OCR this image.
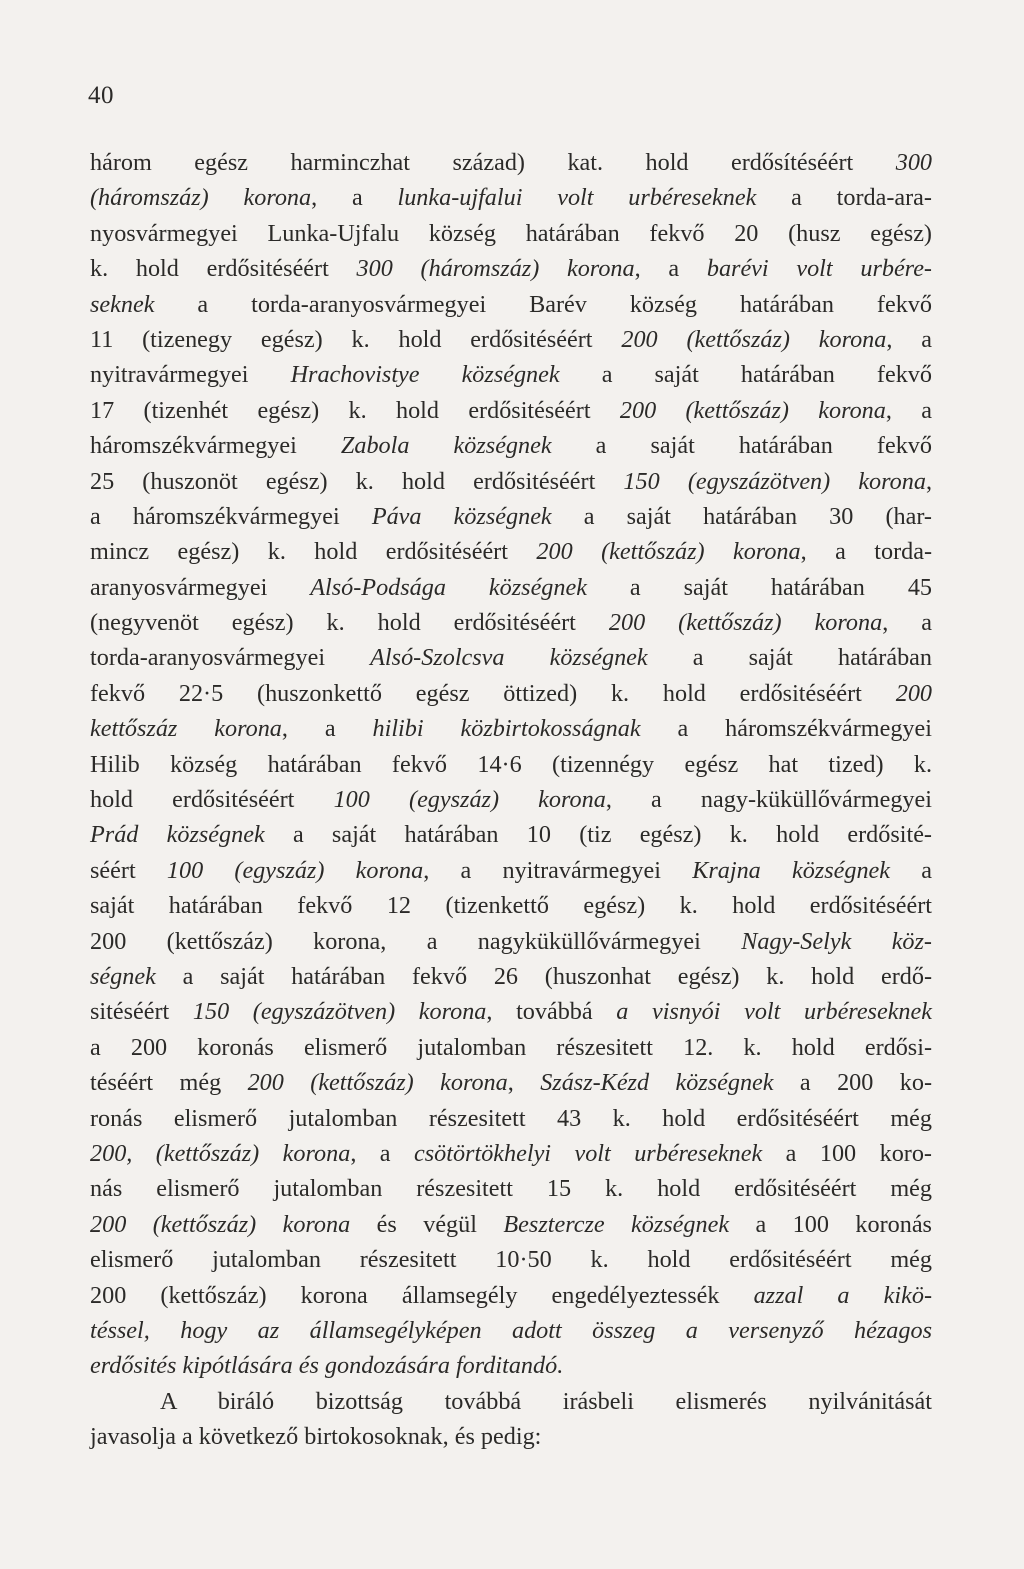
40

három egész harminczhat század) kat. hold erdősítéséért 300
(háromszáz) korona, a lunka-ujfalui volt urbéreseknek a torda-ara-
nyosvármegyei Lunka-Ujfalu község határában fekvő 20 (husz egész)
k. hold erdősitéséért 300 (háromszáz) korona, a barévi volt urbére-
seknek a torda-aranyosvármegyei Barév község határában fekvő
11 (tizenegy egész) k. hold erdősitéséért 200 (kettőszáz) korona, a
nyitravármegyei Hrachovistye községnek a saját határában fekvő
17 (tizenhét egész) k. hold erdősitéséért 200 (kettőszáz) korona, a
háromszékvármegyei Zabola községnek a saját határában fekvő
25 (huszonöt egész) k. hold erdősitéséért 150 (egyszázötven) korona,
a háromszékvármegyei Páva községnek a saját határában 30 (har-
mincz egész) k. hold erdősitéséért 200 (kettőszáz) korona, a torda-
aranyosvármegyei Alsó-Podsága községnek a saját határában 45
(negyvenöt egész) k. hold erdősitéséért 200 (kettőszáz) korona, a
torda-aranyosvármegyei Alsó-Szolcsva községnek a saját határában
fekvő 22·5 (huszonkettő egész öttized) k. hold erdősitéséért 200
kettőszáz korona, a hilibi közbirtokosságnak a háromszékvármegyei
Hilib község határában fekvő 14·6 (tizennégy egész hat tized) k.
hold erdősitéséért 100 (egyszáz) korona, a nagy-küküllővármegyei
Prád községnek a saját határában 10 (tiz egész) k. hold erdősité-
séért 100 (egyszáz) korona, a nyitravármegyei Krajna községnek a
saját határában fekvő 12 (tizenkettő egész) k. hold erdősitéséért
200 (kettőszáz) korona, a nagyküküllővármegyei Nagy-Selyk köz-
ségnek a saját határában fekvő 26 (huszonhat egész) k. hold erdő-
sitéséért 150 (egyszázötven) korona, továbbá a visnyói volt urbéreseknek
a 200 koronás elismerő jutalomban részesitett 12. k. hold erdősi-
téséért még 200 (kettőszáz) korona, Szász-Kézd községnek a 200 ko-
ronás elismerő jutalomban részesitett 43 k. hold erdősitéséért még
200, (kettőszáz) korona, a csötörtökhelyi volt urbéreseknek a 100 koro-
nás elismerő jutalomban részesitett 15 k. hold erdősitéséért még
200 (kettőszáz) korona és végül Besztercze községnek a 100 koronás
elismerő jutalomban részesitett 10·50 k. hold erdősitéséért még
200 (kettőszáz) korona államsegély engedélyeztessék azzal a kikö-
téssel, hogy az államsegélyképen adott összeg a versenyző hézagos
erdősités kipótlására és gondozására forditandó.

A biráló bizottság továbbá irásbeli elismerés nyilvánitását
javasolja a következő birtokosoknak, és pedig:
